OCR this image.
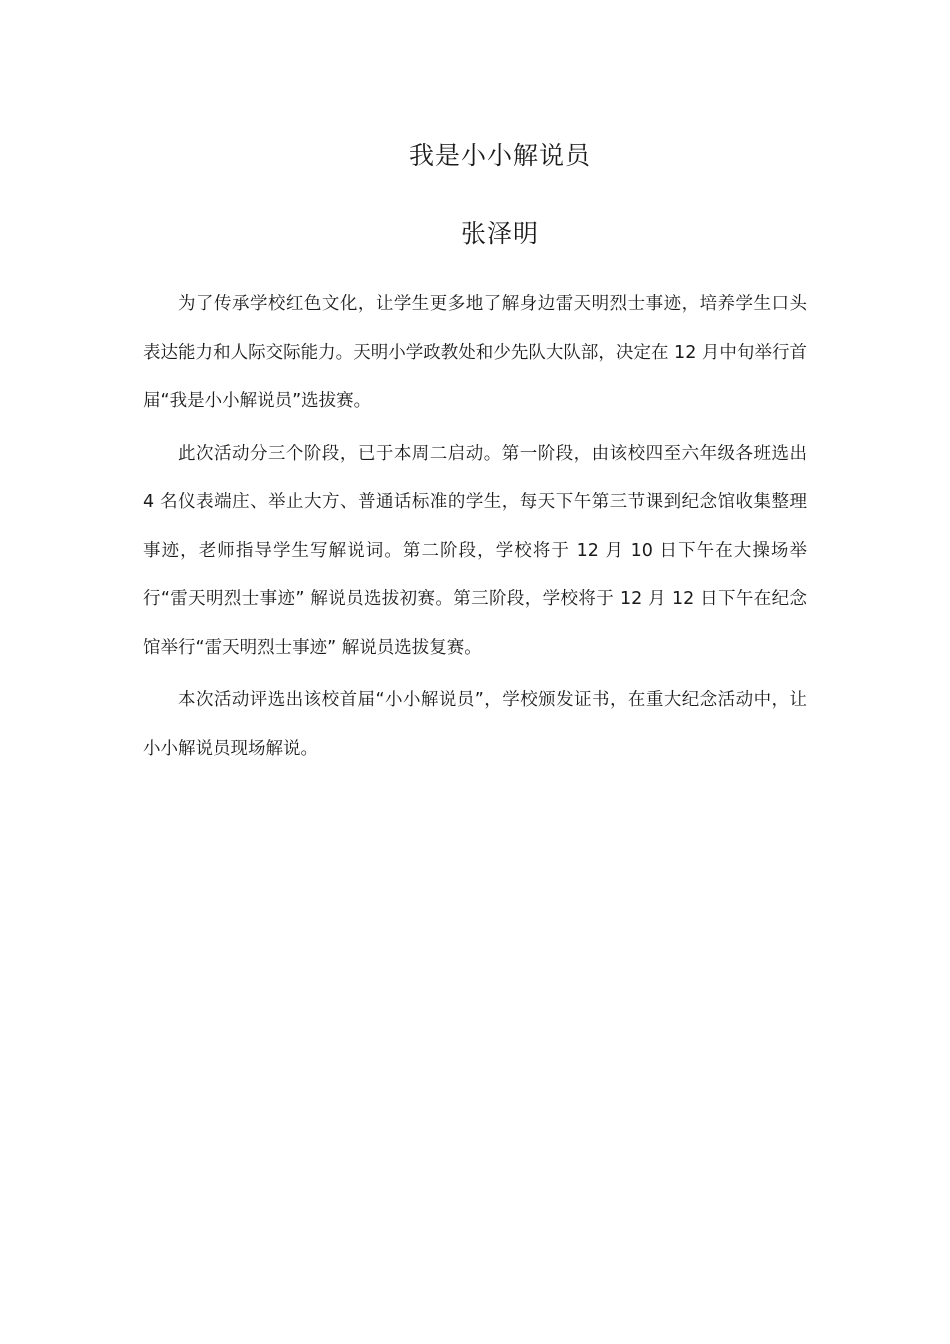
我是小小解说员
张泽明

为了传承学校红色文化，让学生更多地了解身边雷天明烈士事迹，培养学生口头表达能力和人际交际能力。天明小学政教处和少先队大队部，决定在 12 月中旬举行首届“我是小小解说员”选拔赛。

此次活动分三个阶段，已于本周二启动。第一阶段，由该校四至六年级各班选出 4 名仪表端庄、举止大方、普通话标准的学生，每天下午第三节课到纪念馆收集整理事迹，老师指导学生写解说词。第二阶段，学校将于 12 月 10 日下午在大操场举行“雷天明烈士事迹” 解说员选拔初赛。第三阶段，学校将于 12 月 12 日下午在纪念馆举行“雷天明烈士事迹” 解说员选拔复赛。

本次活动评选出该校首届“小小解说员”，学校颁发证书，在重大纪念活动中，让小小解说员现场解说。
